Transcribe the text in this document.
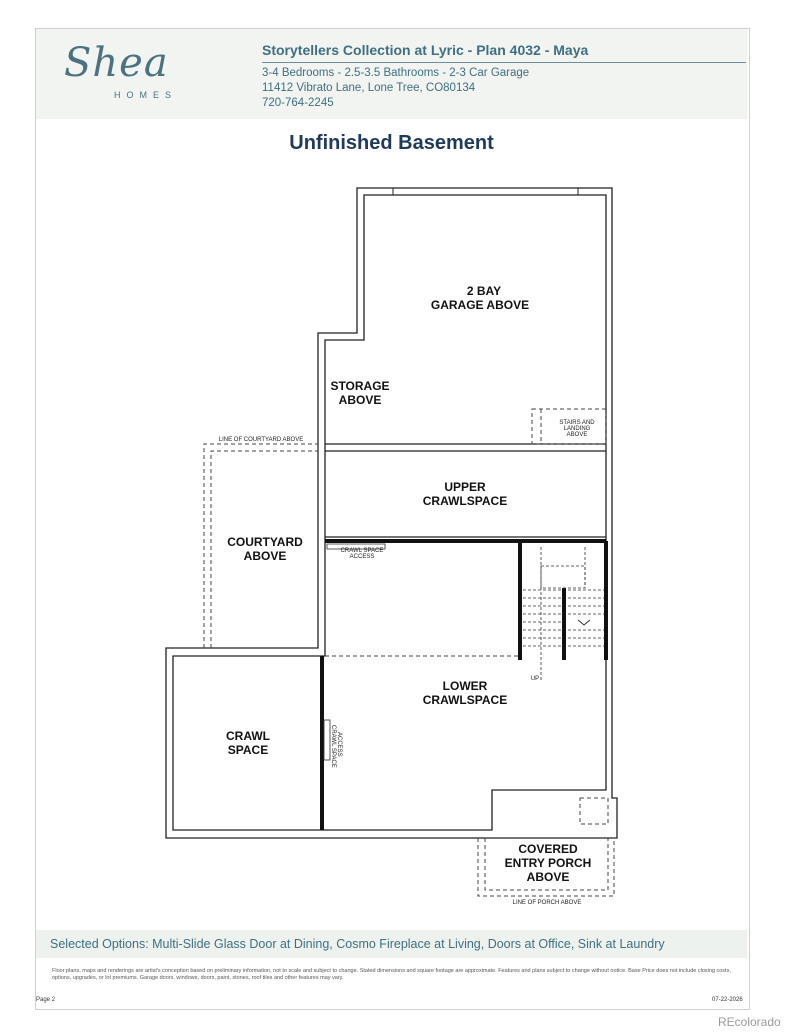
Shea
HOMES
Storytellers Collection at Lyric - Plan 4032 - Maya
3-4 Bedrooms - 2.5-3.5 Bathrooms - 2-3 Car Garage
11412 Vibrato Lane, Lone Tree, CO80134
720-764-2245
Unfinished Basement
2 BAY
GARAGE ABOVE
STORAGE
ABOVE
STAIRS AND
LANDING
ABOVE
UPPER
CRAWLSPACE
LINE OF COURTYARD ABOVE
COURTYARD
ABOVE	CRAWL SPACE
ACCESS
LOWER
CRAWLSPACE
UP
CRAWL
SPACE	CRAWL SPACE ACCESS
COVERED
ENTRY PORCH
ABOVE
LINE OF PORCH ABOVE
Selected Options: Multi-Slide Glass Door at Dining, Cosmo Fireplace at Living, Doors at Office, Sink at Laundry
Floor plans, maps and renderings are artist's conception based on preliminary information, not to scale and subject to change. Stated dimensions and square footage are approximate. Features and plans subject to change without notice. Base Price does not include closing costs, options, upgrades, or lot premiums. Garage doors, windows, doors, paint, stones, roof tiles and other features may vary.
Page 2	07-22-2026
REcolorado
